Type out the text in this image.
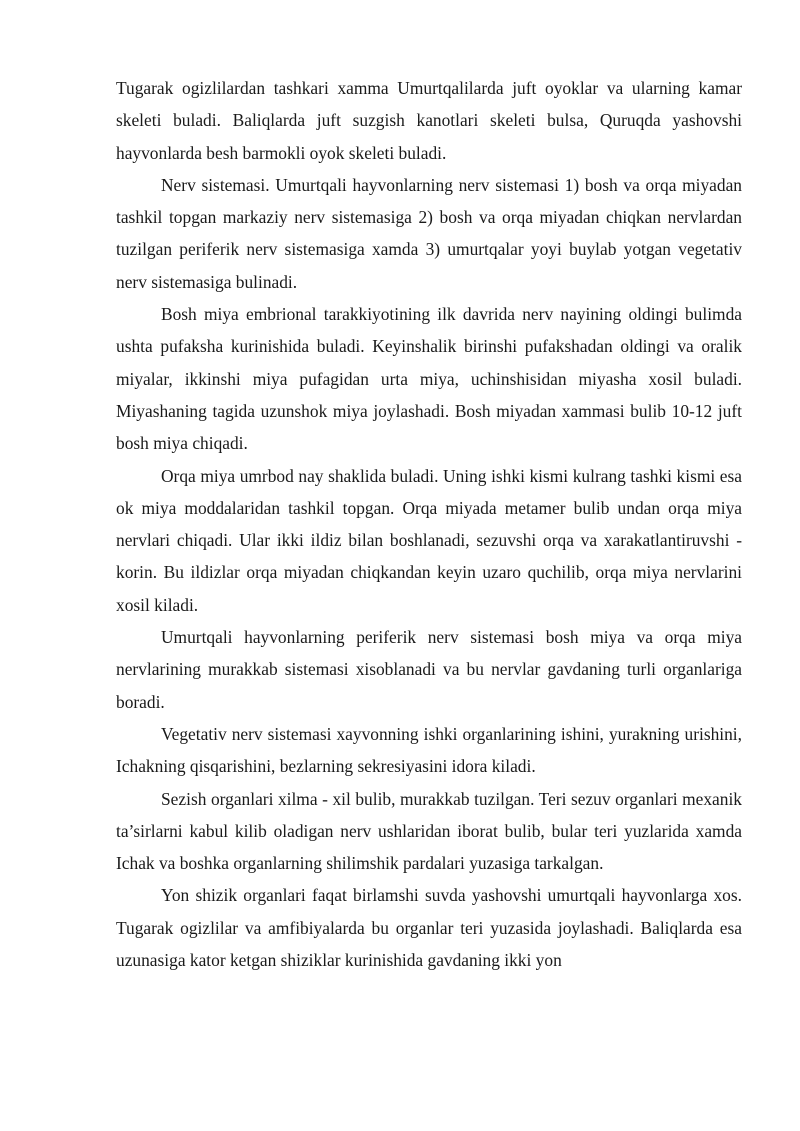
Tugarak ogizlilardan tashkari xamma Umurtqalilarda juft oyoklar va ularning kamar skeleti buladi. Baliqlarda juft suzgish kanotlari skeleti bulsa, Quruqda yashovshi hayvonlarda besh barmokli oyok skeleti buladi.

Nerv sistemasi. Umurtqali hayvonlarning nerv sistemasi 1) bosh va orqa miyadan tashkil topgan markaziy nerv sistemasiga 2) bosh va orqa miyadan chiqkan nervlardan tuzilgan periferik nerv sistemasiga xamda 3) umurtqalar yoyi buylab yotgan vegetativ nerv sistemasiga bulinadi.

Bosh miya embrional tarakkiyotining ilk davrida nerv nayining oldingi bulimda ushta pufaksha kurinishida buladi. Keyinshalik birinshi pufakshadan oldingi va oralik miyalar, ikkinshi miya pufagidan urta miya, uchinshisidan miyasha xosil buladi. Miyashaning tagida uzunshok miya joylashadi. Bosh miyadan xammasi bulib 10-12 juft bosh miya chiqadi.

Orqa miya umrbod nay shaklida buladi. Uning ishki kismi kulrang tashki kismi esa ok miya moddalaridan tashkil topgan. Orqa miyada metamer bulib undan orqa miya nervlari chiqadi. Ular ikki ildiz bilan boshlanadi, sezuvshi orqa va xarakatlantiruvshi - korin. Bu ildizlar orqa miyadan chiqkandan keyin uzaro quchilib, orqa miya nervlarini xosil kiladi.

Umurtqali hayvonlarning periferik nerv sistemasi bosh miya va orqa miya nervlarining murakkab sistemasi xisoblanadi va bu nervlar gavdaning turli organlariga boradi.

Vegetativ nerv sistemasi xayvonning ishki organlarining ishini, yurakning urishini, Ichakning qisqarishini, bezlarning sekresiyasini idora kiladi.

Sezish organlari xilma - xil bulib, murakkab tuzilgan. Teri sezuv organlari mexanik ta’sirlarni kabul kilib oladigan nerv ushlaridan iborat bulib, bular teri yuzlarida xamda Ichak va boshka organlarning shilimshik pardalari yuzasiga tarkalgan.

Yon shizik organlari faqat birlamshi suvda yashovshi umurtqali hayvonlarga xos. Tugarak ogizlilar va amfibiyalarda bu organlar teri yuzasida joylashadi. Baliqlarda esa uzunasiga kator ketgan shiziklar kurinishida gavdaning ikki yon
